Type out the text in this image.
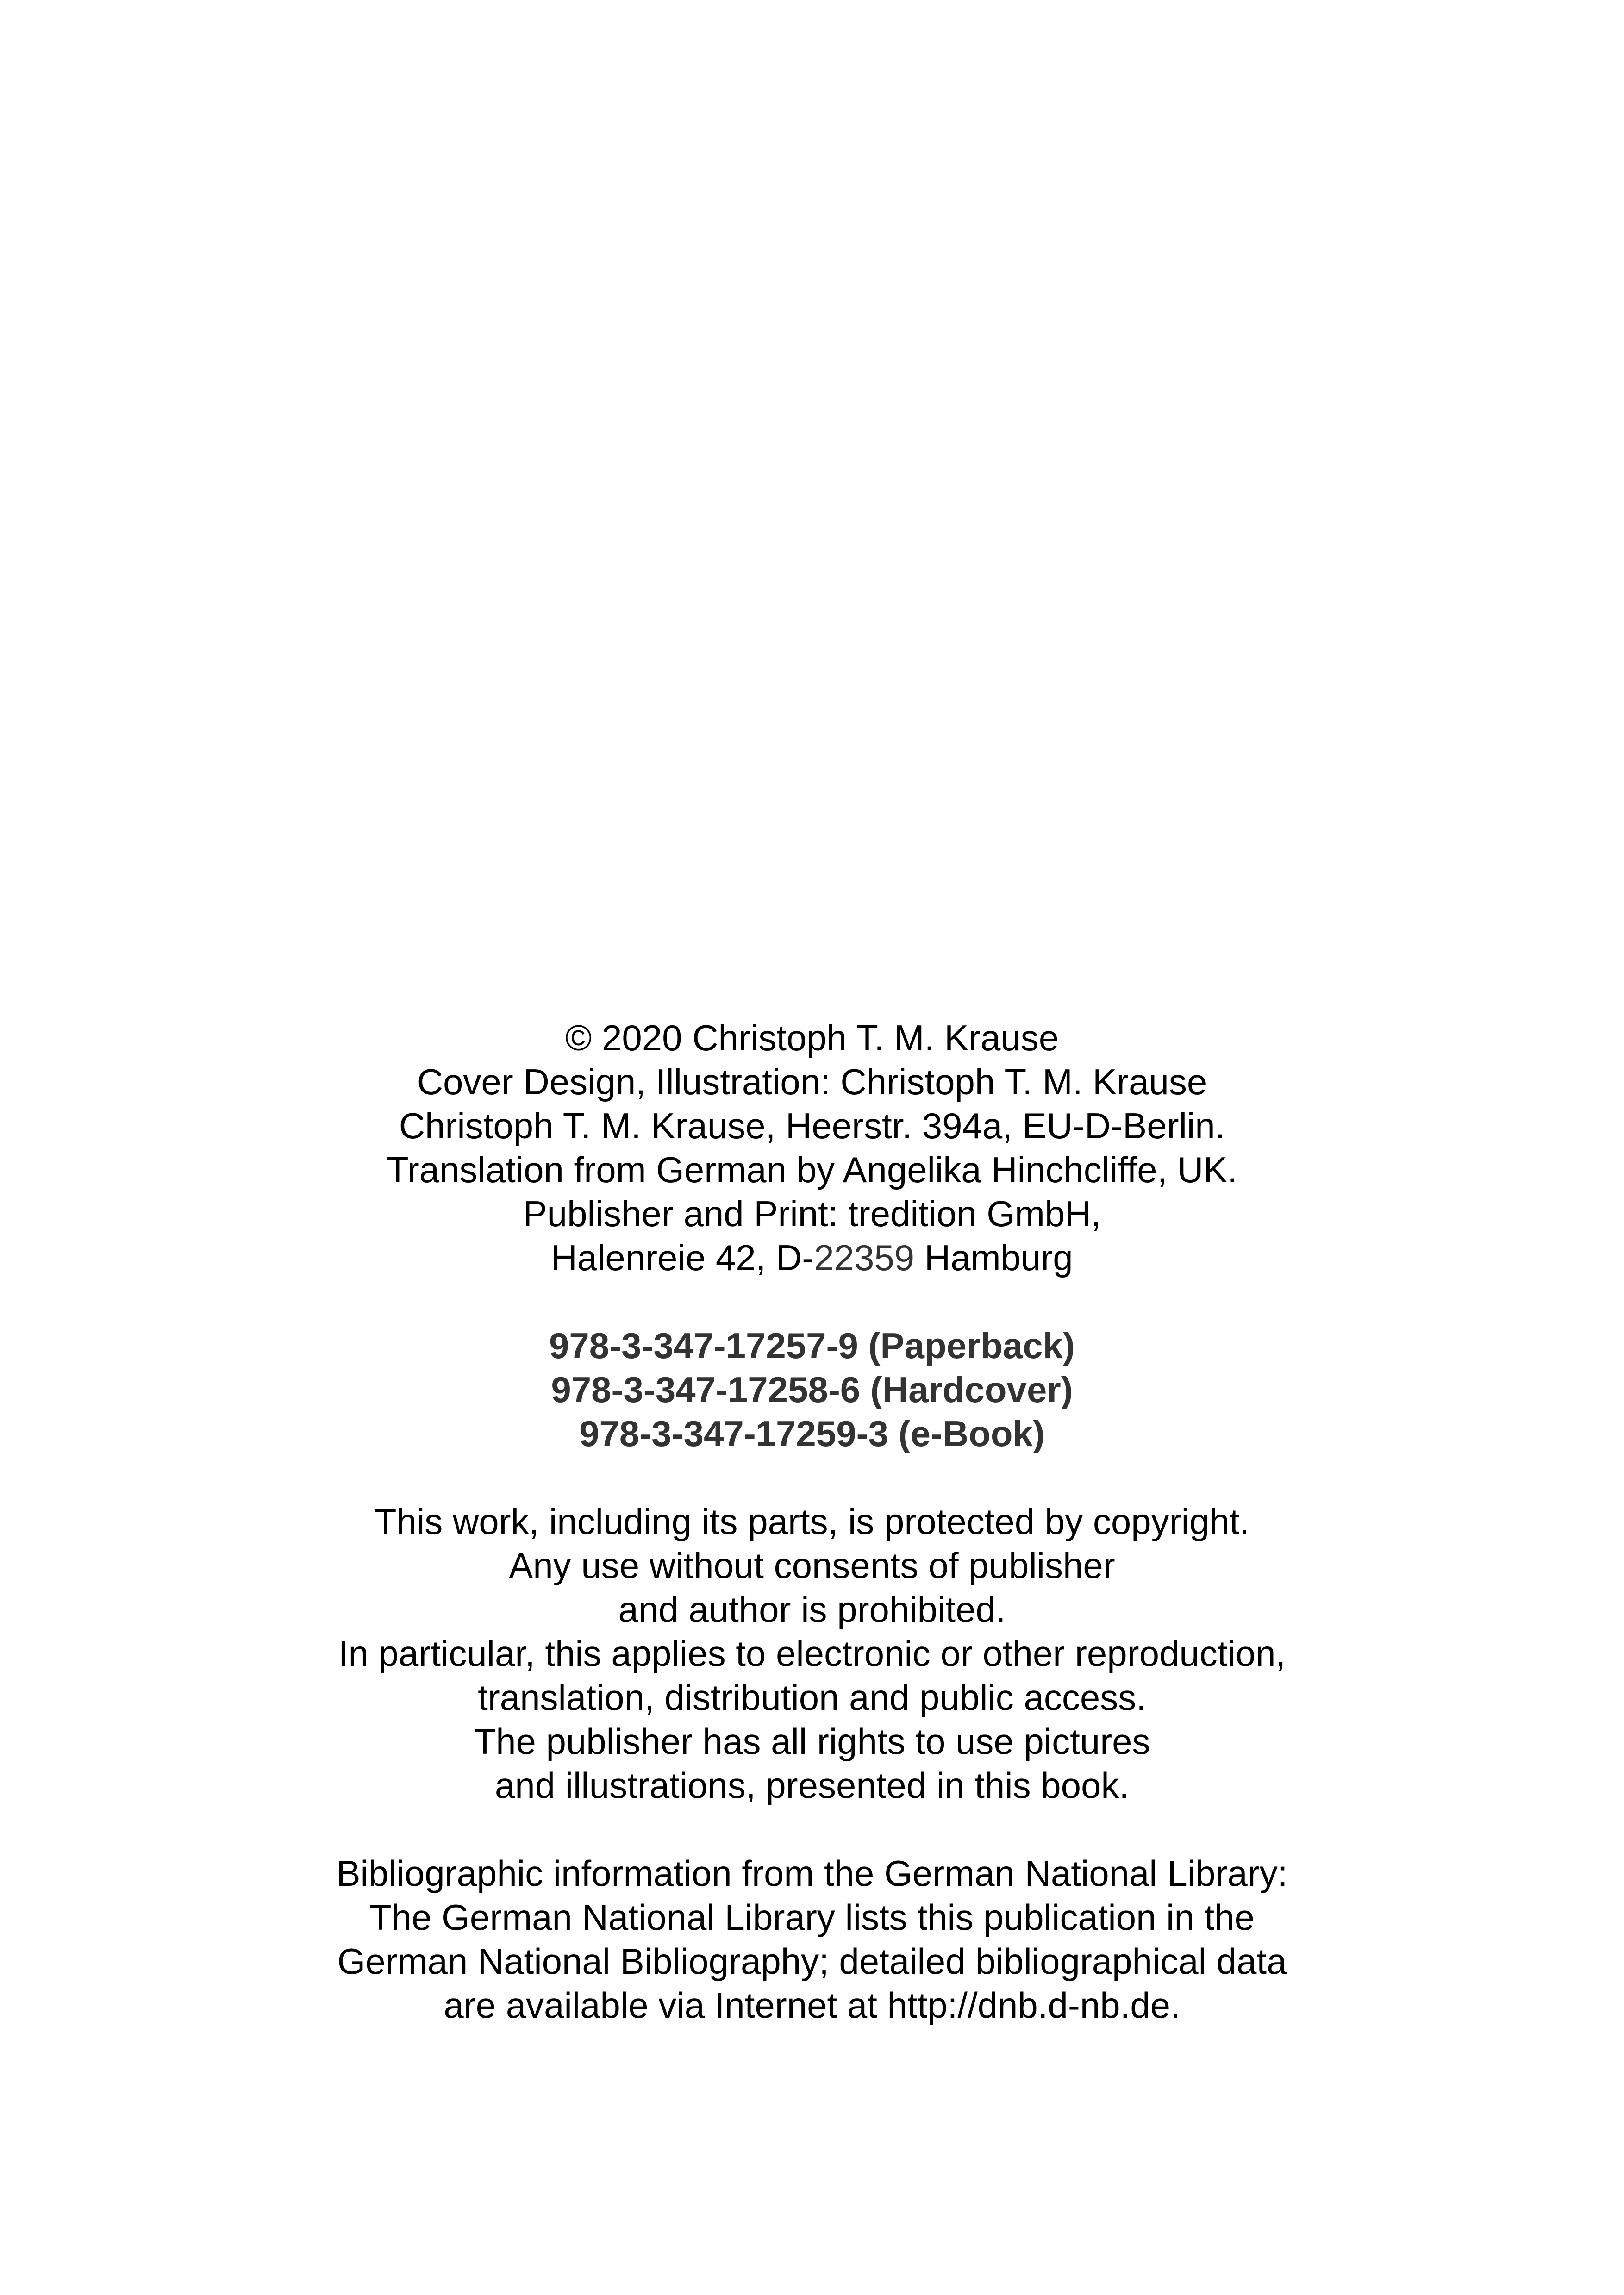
© 2020 Christoph T. M. Krause
Cover Design, Illustration: Christoph T. M. Krause
Christoph T. M. Krause, Heerstr. 394a, EU-D-Berlin.
Translation from German by Angelika Hinchcliffe, UK.
Publisher and Print: tredition GmbH,
Halenreie 42, D-22359 Hamburg
978-3-347-17257-9 (Paperback)
978-3-347-17258-6 (Hardcover)
978-3-347-17259-3 (e-Book)
This work, including its parts, is protected by copyright.
Any use without consents of publisher
and author is prohibited.
In particular, this applies to electronic or other reproduction,
translation, distribution and public access.
The publisher has all rights to use pictures
and illustrations, presented in this book.
Bibliographic information from the German National Library:
The German National Library lists this publication in the
German National Bibliography; detailed bibliographical data
are available via Internet at http://dnb.d-nb.de.
